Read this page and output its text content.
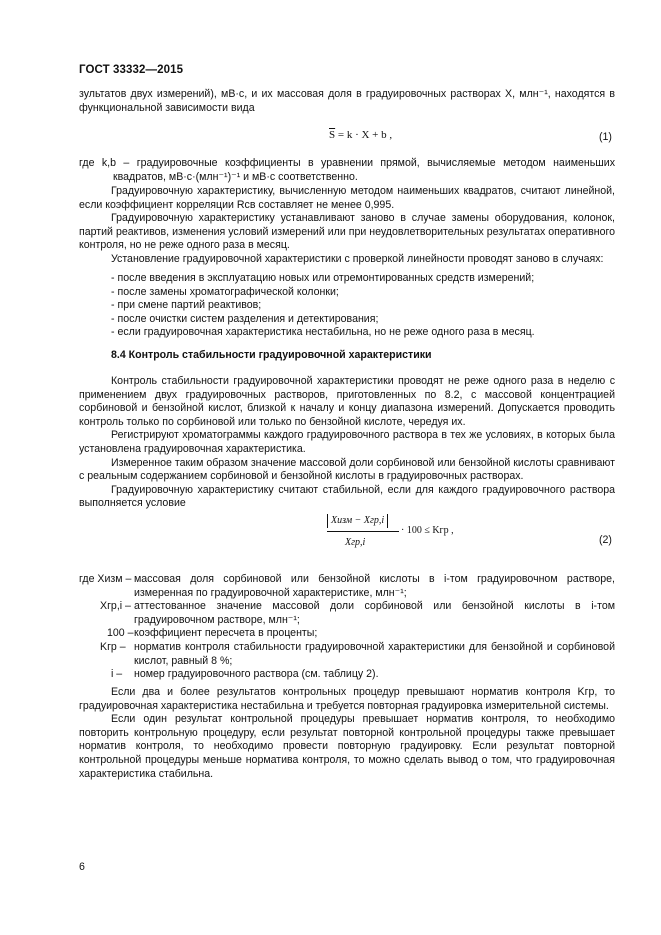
ГОСТ 33332—2015

зультатов двух измерений), мВ·с, и их массовая доля в градуировочных растворах X, млн⁻¹, находятся в функциональной зависимости вида

$\overline{S} = k \cdot X + b$ ,	(1)

где k,b – градуировочные коэффициенты в уравнении прямой, вычисляемые методом наименьших квадратов, мВ·с·(млн⁻¹)⁻¹ и мВ·с соответственно.

Градуировочную характеристику, вычисленную методом наименьших квадратов, считают линейной, если коэффициент корреляции Rсв составляет не менее 0,995.

Градуировочную характеристику устанавливают заново в случае замены оборудования, колонок, партий реактивов, изменения условий измерений или при неудовлетворительных результатах оперативного контроля, но не реже одного раза в месяц.

Установление градуировочной характеристики с проверкой линейности проводят заново в случаях:

- после введения в эксплуатацию новых или отремонтированных средств измерений;

- после замены хроматографической колонки;

- при смене партий реактивов;

- после очистки систем разделения и детектирования;

- если градуировочная характеристика нестабильна, но не реже одного раза в месяц.

8.4 Контроль стабильности градуировочной характеристики

Контроль стабильности градуировочной характеристики проводят не реже одного раза в неделю с применением двух градуировочных растворов, приготовленных по 8.2, с массовой концентрацией сорбиновой и бензойной кислот, близкой к началу и концу диапазона измерений. Допускается проводить контроль только по сорбиновой или только по бензойной кислоте, чередуя их.

Регистрируют хроматограммы каждого градуировочного раствора в тех же условиях, в которых была установлена градуировочная характеристика.

Измеренное таким образом значение массовой доли сорбиновой или бензойной кислоты сравнивают с реальным содержанием сорбиновой и бензойной кислоты в градуировочных растворах.

Градуировочную характеристику считают стабильной, если для каждого градуировочного раствора выполняется условие

Xизм − Xгр,i
Xгр,i
· 100 ≤ Kгр ,
(2)

где Xизм – массовая доля сорбиновой или бензойной кислоты в i-том градуировочном растворе, измеренная по градуировочной характеристике, млн⁻¹;

Xгр,i – аттестованное значение массовой доли сорбиновой или бензойной кислоты в i-том градуировочном растворе, млн⁻¹;

100 – коэффициент пересчета в проценты;

Kгр – норматив контроля стабильности градуировочной характеристики для бензойной и сорбиновой кислот, равный 8 %;

i – номер градуировочного раствора (см. таблицу 2).

Если два и более результатов контрольных процедур превышают норматив контроля Kгр, то градуировочная характеристика нестабильна и требуется повторная градуировка измерительной системы.

Если один результат контрольной процедуры превышает норматив контроля, то необходимо повторить контрольную процедуру, если результат повторной контрольной процедуры также превышает норматив контроля, то необходимо провести повторную градуировку. Если результат повторной контрольной процедуры меньше норматива контроля, то можно сделать вывод о том, что градуировочная характеристика стабильна.

6
